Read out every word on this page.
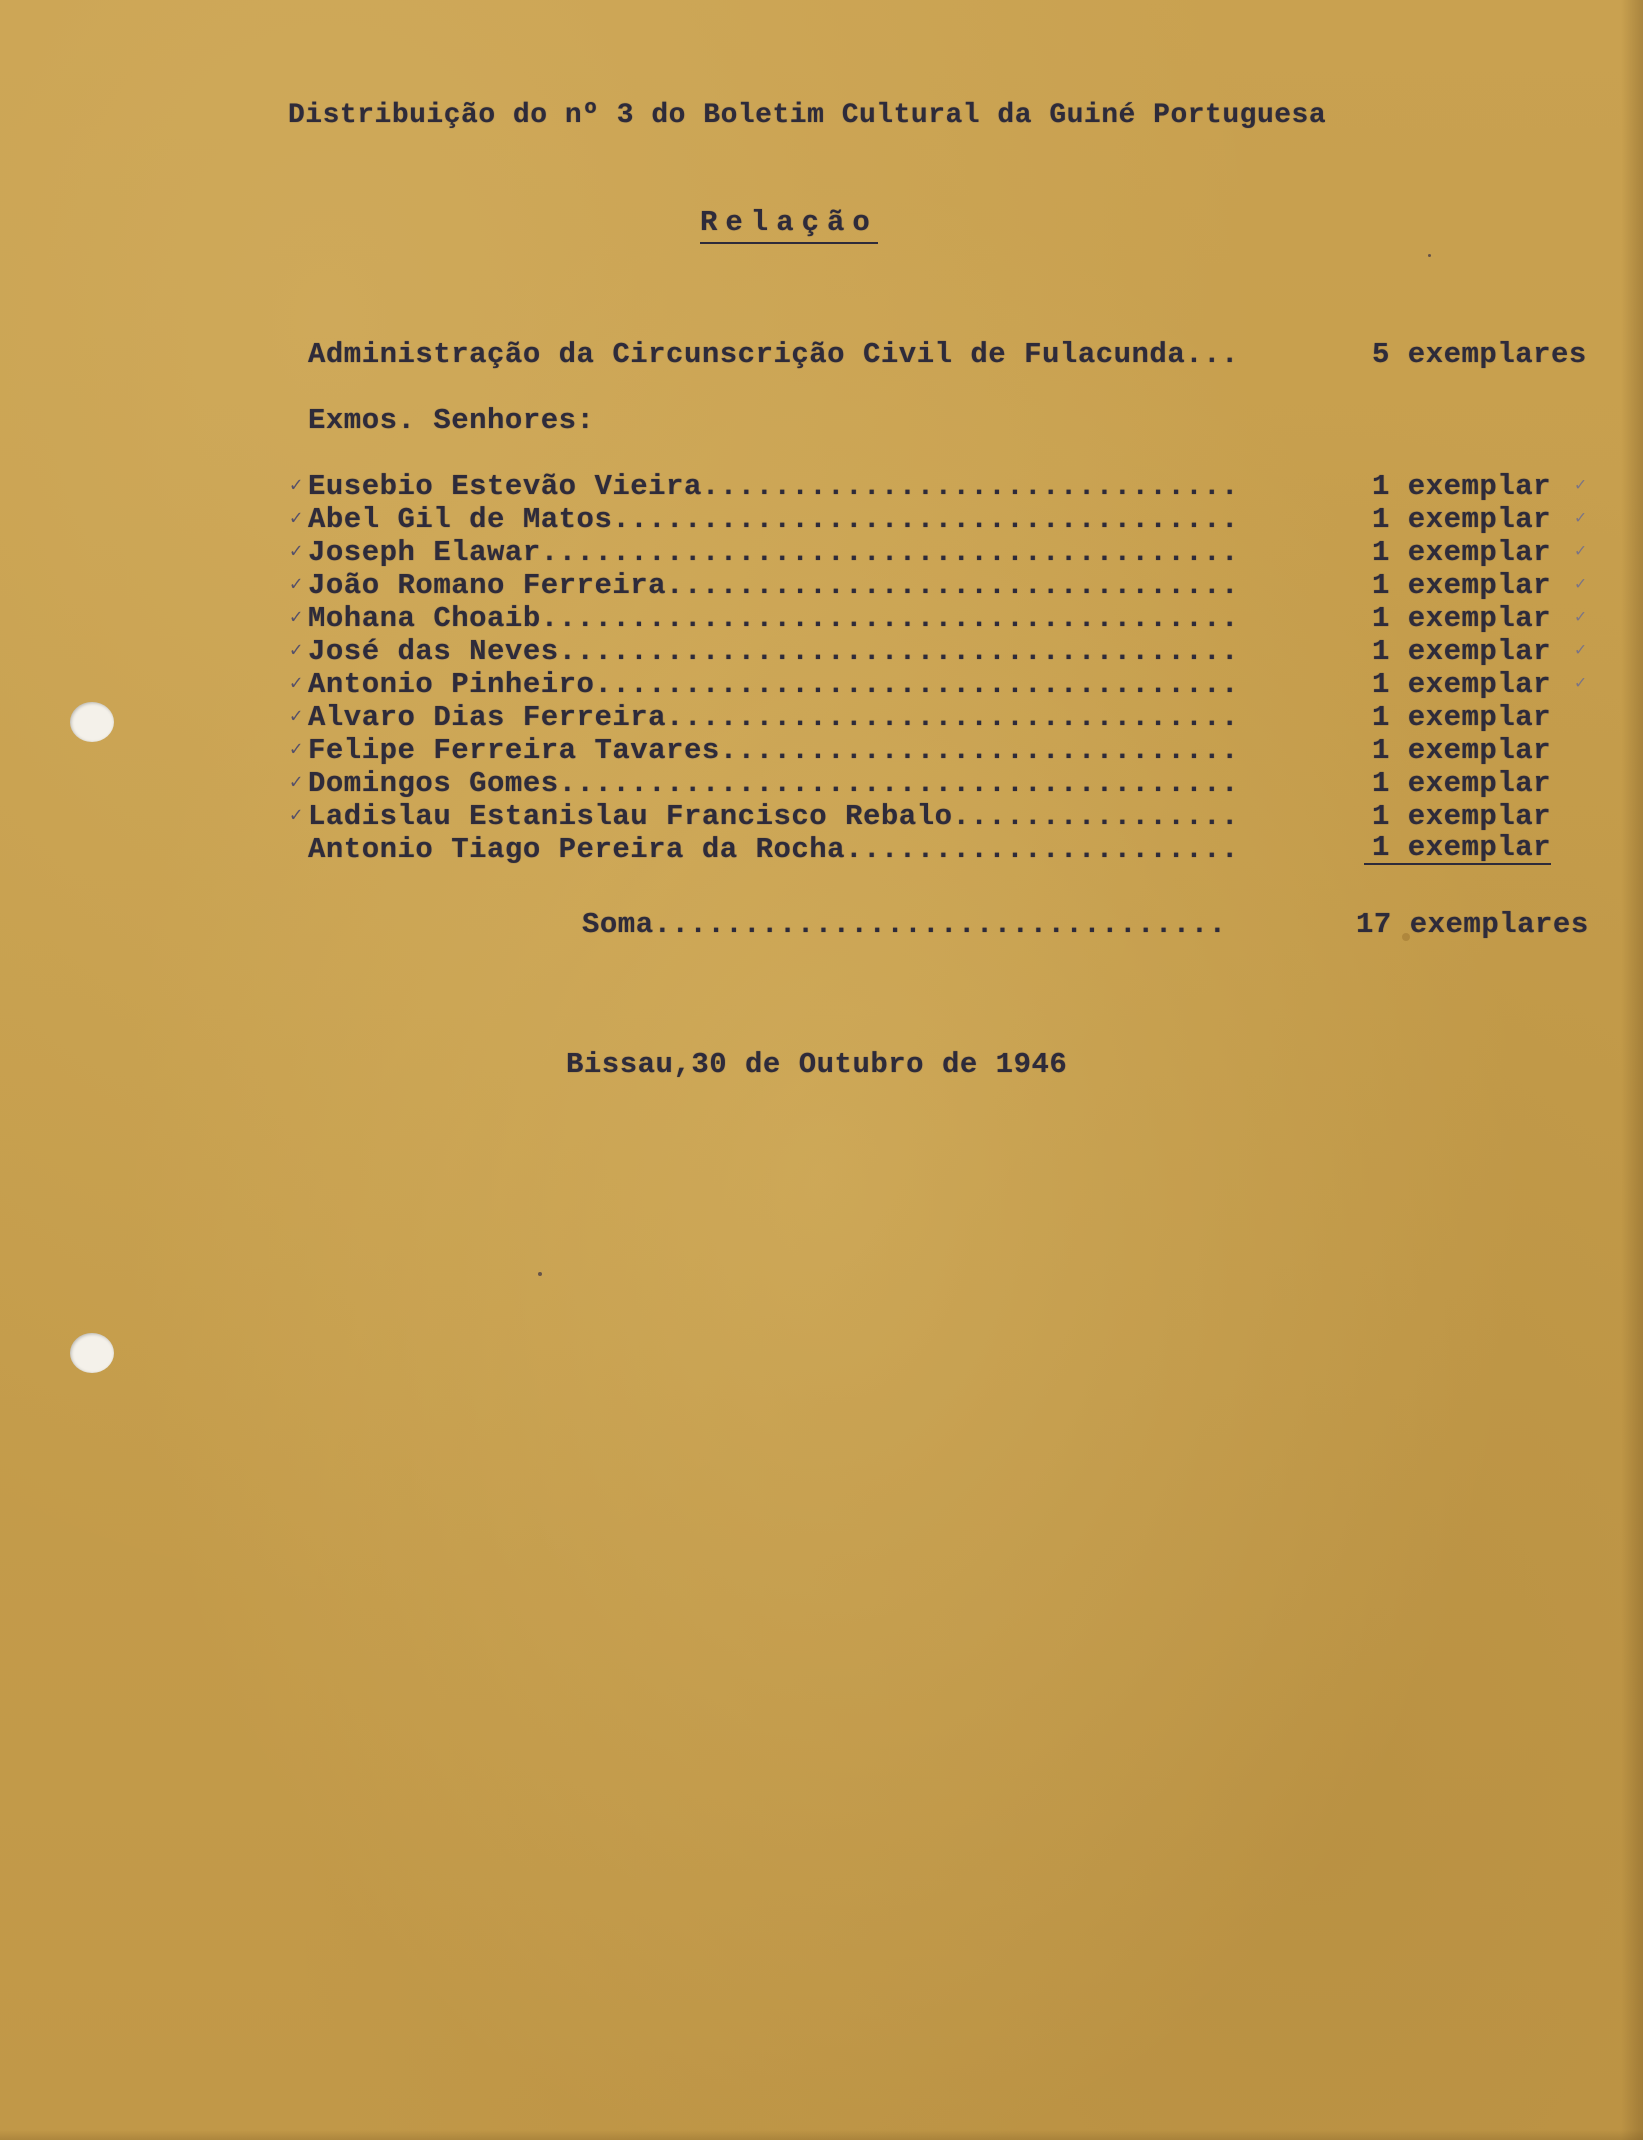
Distribuição do nº 3 do Boletim Cultural da Guiné Portuguesa
Relação
Administração da Circunscrição Civil de Fulacunda...	5 exemplares
Exmos. Senhores:
✓ Eusebio Estevão Vieira..............................	1 exemplar ✓
✓ Abel Gil de Matos...................................	1 exemplar ✓
✓ Joseph Elawar.......................................	1 exemplar ✓
✓ João Romano Ferreira................................	1 exemplar ✓
✓ Mohana Choaib.......................................	1 exemplar ✓
✓ José das Neves......................................	1 exemplar ✓
✓ Antonio Pinheiro....................................	1 exemplar ✓
✓ Alvaro Dias Ferreira................................	1 exemplar
✓ Felipe Ferreira Tavares.............................	1 exemplar
✓ Domingos Gomes......................................	1 exemplar
✓ Ladislau Estanislau Francisco Rebalo................	1 exemplar
Antonio Tiago Pereira da Rocha......................	1 exemplar
Soma................................	17 exemplares
Bissau,30 de Outubro de 1946
